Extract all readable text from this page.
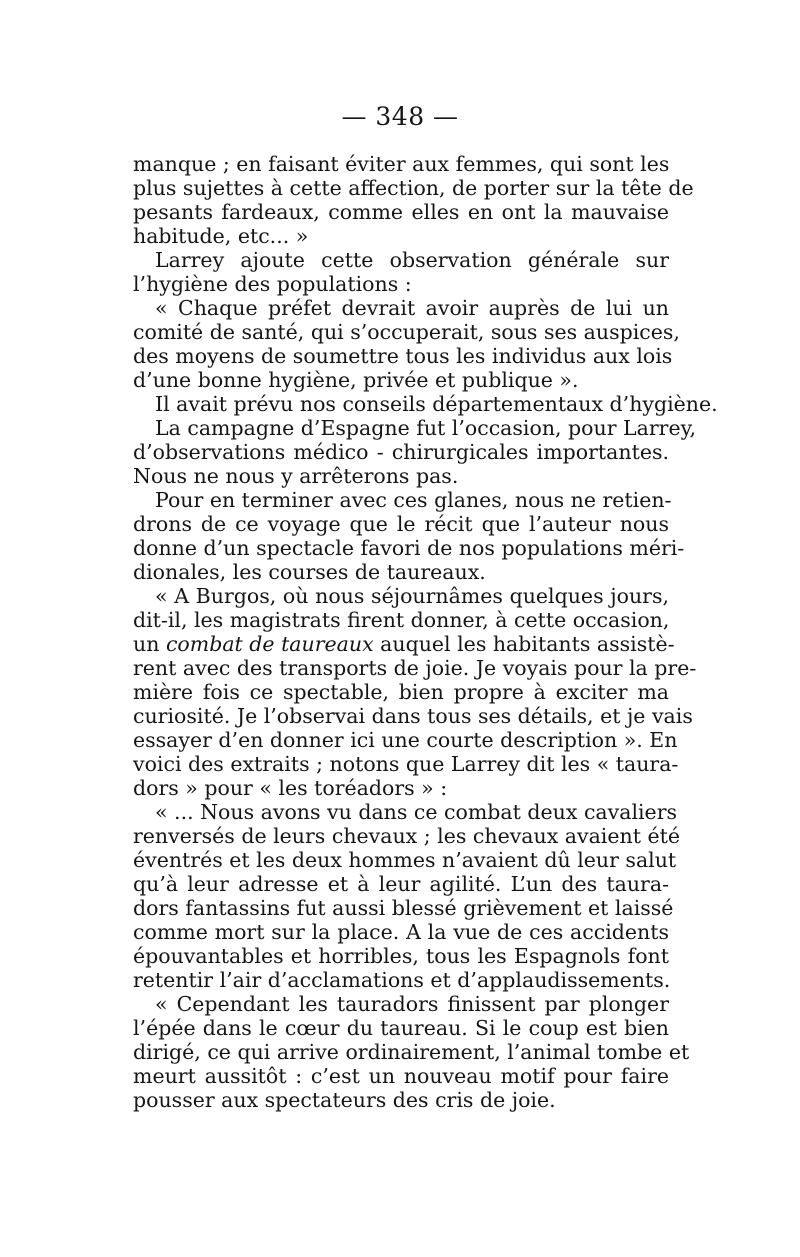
— 348 —
manque ; en faisant éviter aux femmes, qui sont les
plus sujettes à cette affection, de porter sur la tête de
pesants fardeaux, comme elles en ont la mauvaise
habitude, etc... »
Larrey ajoute cette observation générale sur
l’hygiène des populations :
« Chaque préfet devrait avoir auprès de lui un
comité de santé, qui s’occuperait, sous ses auspices,
des moyens de soumettre tous les individus aux lois
d’une bonne hygiène, privée et publique ».
Il avait prévu nos conseils départementaux d’hygiène.
La campagne d’Espagne fut l’occasion, pour Larrey,
d’observations médico - chirurgicales importantes.
Nous ne nous y arrêterons pas.
Pour en terminer avec ces glanes, nous ne retien-
drons de ce voyage que le récit que l’auteur nous
donne d’un spectacle favori de nos populations méri-
dionales, les courses de taureaux.
« A Burgos, où nous séjournâmes quelques jours,
dit-il, les magistrats firent donner, à cette occasion,
un combat de taureaux auquel les habitants assistè-
rent avec des transports de joie. Je voyais pour la pre-
mière fois ce spectable, bien propre à exciter ma
curiosité. Je l’observai dans tous ses détails, et je vais
essayer d’en donner ici une courte description ». En
voici des extraits ; notons que Larrey dit les « taura-
dors » pour « les toréadors » :
« ... Nous avons vu dans ce combat deux cavaliers
renversés de leurs chevaux ; les chevaux avaient été
éventrés et les deux hommes n’avaient dû leur salut
qu’à leur adresse et à leur agilité. L’un des taura-
dors fantassins fut aussi blessé grièvement et laissé
comme mort sur la place. A la vue de ces accidents
épouvantables et horribles, tous les Espagnols font
retentir l’air d’acclamations et d’applaudissements.
« Cependant les tauradors finissent par plonger
l’épée dans le cœur du taureau. Si le coup est bien
dirigé, ce qui arrive ordinairement, l’animal tombe et
meurt aussitôt : c’est un nouveau motif pour faire
pousser aux spectateurs des cris de joie.
